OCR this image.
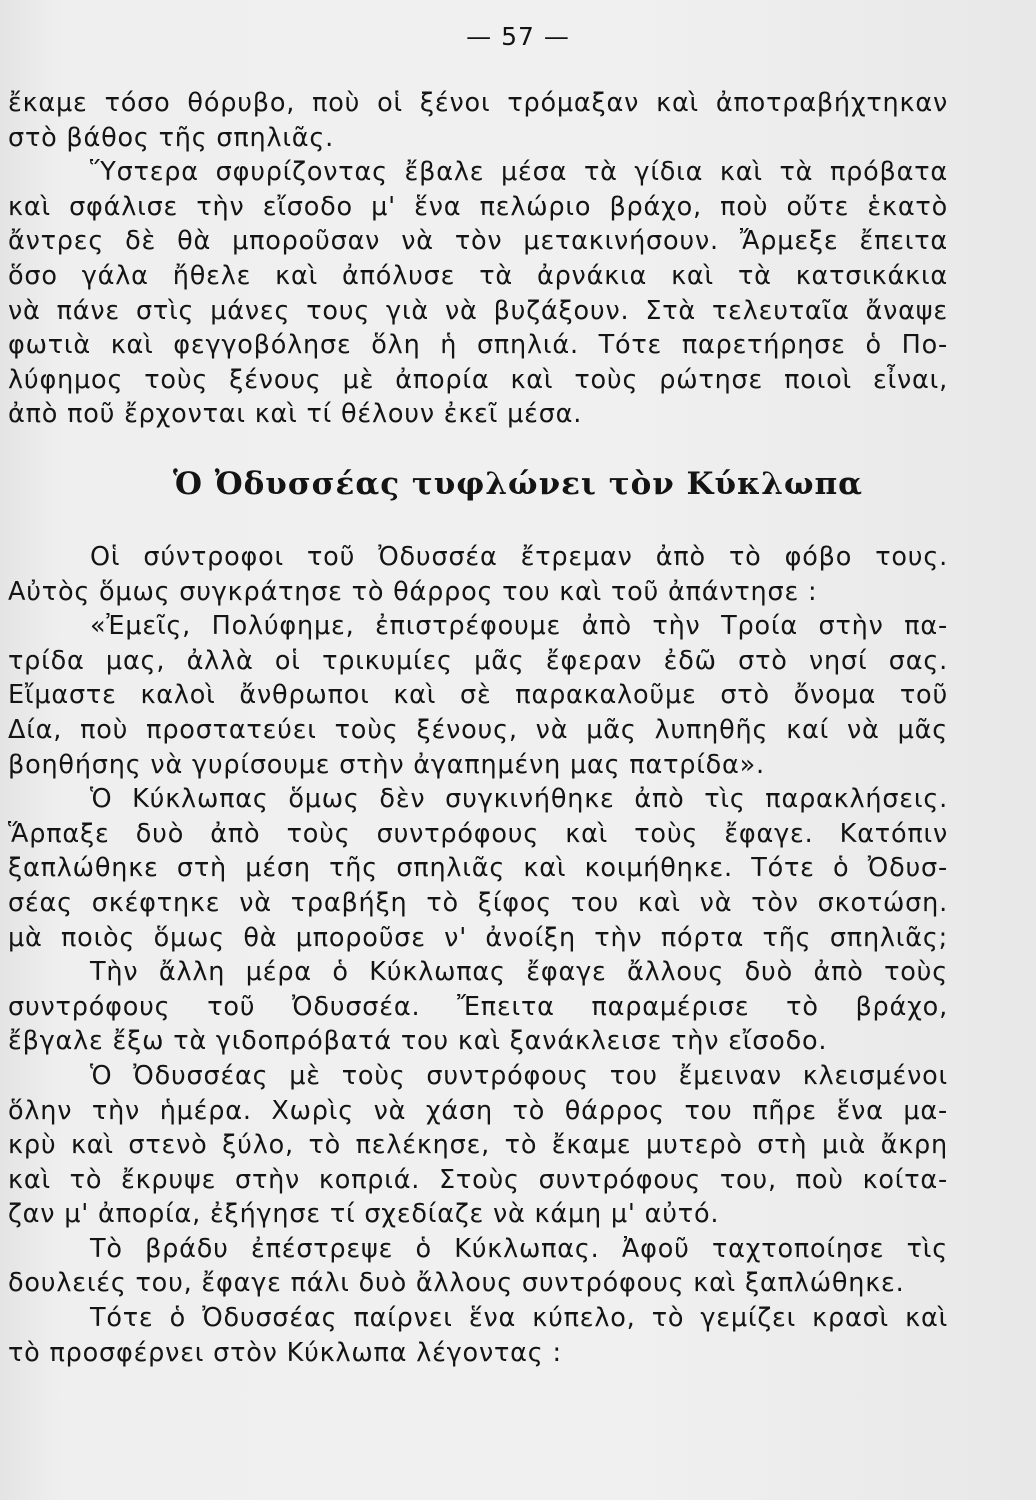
— 57 —
ἔκαμε τόσο θόρυβο, ποὺ οἱ ξένοι τρόμαξαν καὶ ἀποτραβήχτηκαν
στὸ βάθος τῆς σπηλιᾶς.
Ὕστερα σφυρίζοντας ἔβαλε μέσα τὰ γίδια καὶ τὰ πρόβατα
καὶ σφάλισε τὴν εἴσοδο μ' ἕνα πελώριο βράχο, ποὺ οὔτε ἑκατὸ
ἄντρες δὲ θὰ μποροῦσαν νὰ τὸν μετακινήσουν. Ἄρμεξε ἔπειτα
ὅσο γάλα ἤθελε καὶ ἀπόλυσε τὰ ἀρνάκια καὶ τὰ κατσικάκια
νὰ πάνε στὶς μάνες τους γιὰ νὰ βυζάξουν. Στὰ τελευταῖα ἄναψε
φωτιὰ καὶ φεγγοβόλησε ὅλη ἡ σπηλιά. Τότε παρετήρησε ὁ Πο-
λύφημος τοὺς ξένους μὲ ἀπορία καὶ τοὺς ρώτησε ποιοὶ εἶναι,
ἀπὸ ποῦ ἔρχονται καὶ τί θέλουν ἐκεῖ μέσα.
Ὁ Ὀδυσσέας τυφλώνει τὸν Κύκλωπα
Οἱ σύντροφοι τοῦ Ὀδυσσέα ἔτρεμαν ἀπὸ τὸ φόβο τους.
Αὐτὸς ὅμως συγκράτησε τὸ θάρρος του καὶ τοῦ ἀπάντησε :
«Ἐμεῖς, Πολύφημε, ἐπιστρέφουμε ἀπὸ τὴν Τροία στὴν πα-
τρίδα μας, ἀλλὰ οἱ τρικυμίες μᾶς ἔφεραν ἐδῶ στὸ νησί σας.
Εἴμαστε καλοὶ ἄνθρωποι καὶ σὲ παρακαλοῦμε στὸ ὄνομα τοῦ
Δία, ποὺ προστατεύει τοὺς ξένους, νὰ μᾶς λυπηθῆς καί νὰ μᾶς
βοηθήσης νὰ γυρίσουμε στὴν ἀγαπημένη μας πατρίδα».
Ὁ Κύκλωπας ὅμως δὲν συγκινήθηκε ἀπὸ τὶς παρακλήσεις.
Ἅρπαξε δυὸ ἀπὸ τοὺς συντρόφους καὶ τοὺς ἔφαγε. Κατόπιν
ξαπλώθηκε στὴ μέση τῆς σπηλιᾶς καὶ κοιμήθηκε. Τότε ὁ Ὀδυσ-
σέας σκέφτηκε νὰ τραβήξη τὸ ξίφος του καὶ νὰ τὸν σκοτώση.
μὰ ποιὸς ὅμως θὰ μποροῦσε ν' ἀνοίξη τὴν πόρτα τῆς σπηλιᾶς;
Τὴν ἄλλη μέρα ὁ Κύκλωπας ἔφαγε ἄλλους δυὸ ἀπὸ τοὺς
συντρόφους τοῦ Ὀδυσσέα. Ἔπειτα παραμέρισε τὸ βράχο,
ἔβγαλε ἔξω τὰ γιδοπρόβατά του καὶ ξανάκλεισε τὴν εἴσοδο.
Ὁ Ὀδυσσέας μὲ τοὺς συντρόφους του ἔμειναν κλεισμένοι
ὅλην τὴν ἡμέρα. Χωρὶς νὰ χάση τὸ θάρρος του πῆρε ἕνα μα-
κρὺ καὶ στενὸ ξύλο, τὸ πελέκησε, τὸ ἔκαμε μυτερὸ στὴ μιὰ ἄκρη
καὶ τὸ ἔκρυψε στὴν κοπριά. Στοὺς συντρόφους του, ποὺ κοίτα-
ζαν μ' ἀπορία, ἐξήγησε τί σχεδίαζε νὰ κάμη μ' αὐτό.
Τὸ βράδυ ἐπέστρεψε ὁ Κύκλωπας. Ἀφοῦ ταχτοποίησε τὶς
δουλειές του, ἔφαγε πάλι δυὸ ἄλλους συντρόφους καὶ ξαπλώθηκε.
Τότε ὁ Ὀδυσσέας παίρνει ἕνα κύπελο, τὸ γεμίζει κρασὶ καὶ
τὸ προσφέρνει στὸν Κύκλωπα λέγοντας :
